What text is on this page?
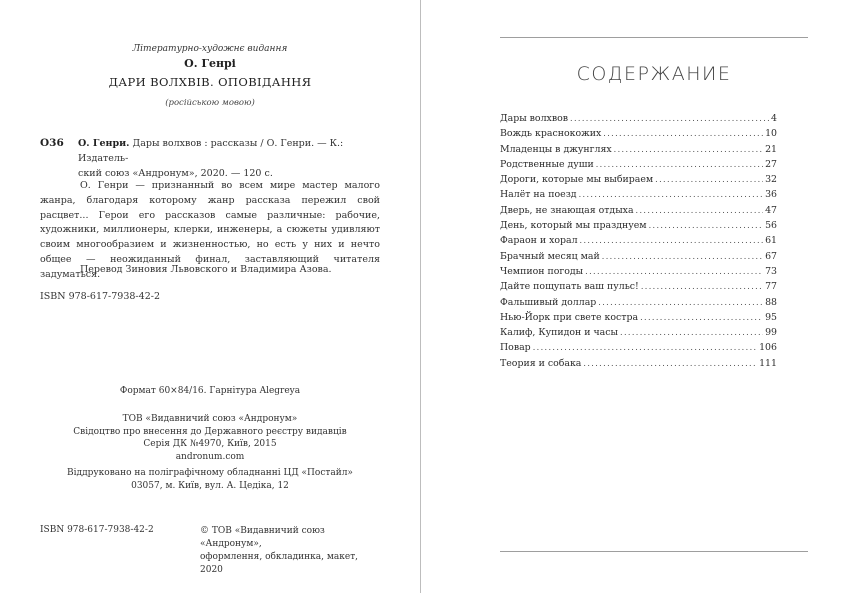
Літературно-художнє видання
О. Генрі
ДАРИ ВОЛХВІВ. ОПОВІДАННЯ
(російською мовою)
О36 О. Генри. Дары волхвов : рассказы / О. Генри. — К.: Издатель-
ский союз «Андронум», 2020. — 120 с.
О. Генри — признанный во всем мире мастер малого жанра, благодаря которому жанр рассказа пережил свой расцвет... Герои его рассказов самые различные: рабочие, художники, миллионеры, клерки, инженеры, а сюжеты удивляют своим многообразием и жизненностью, но есть у них и нечто общее — неожиданный финал, заставляющий читателя задуматься.
Перевод Зиновия Львовского и Владимира Азова.
ISBN 978-617-7938-42-2
Формат 60×84/16. Гарнітура Alegreya
ТОВ «Видавничий союз «Андронум»
Свідоцтво про внесення до Державного реєстру видавців
Серія ДК №4970, Київ, 2015
andronum.com
Віддруковано на поліграфічному обладнанні ЦД «Постайл»
03057, м. Київ, вул. А. Цедіка, 12
ISBN 978-617-7938-42-2	© ТОВ «Видавничий союз «Андронум»,
оформлення, обкладинка, макет, 2020
СОДЕРЖАНИЕ
Дары волхвов .....	4
Вождь краснокожих .....	10
Младенцы в джунглях .....	21
Родственные души .....	27
Дороги, которые мы выбираем .....	32
Налёт на поезд .....	36
Дверь, не знающая отдыха .....	47
День, который мы празднуем .....	56
Фараон и хорал .....	61
Брачный месяц май .....	67
Чемпион погоды .....	73
Дайте пощупать ваш пульс! .....	77
Фальшивый доллар .....	88
Нью-Йорк при свете костра .....	95
Калиф, Купидон и часы .....	99
Повар .....	106
Теория и собака .....	111
